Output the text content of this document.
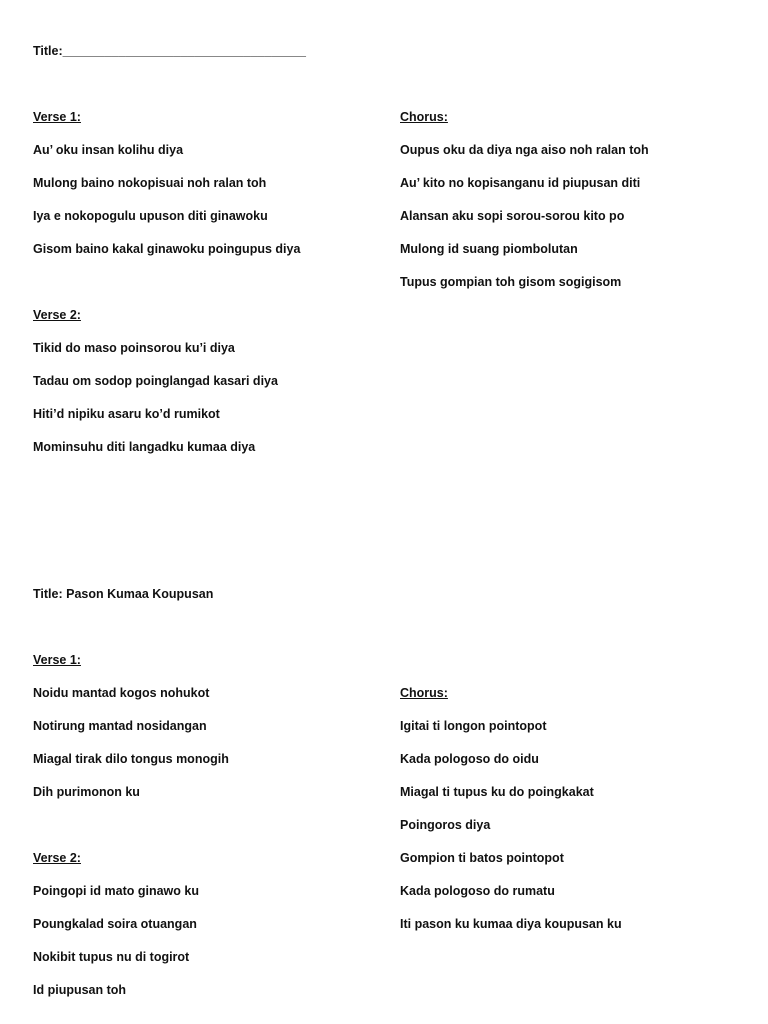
Title:___________________________________
Verse 1:
Au’ oku insan kolihu diya
Mulong baino nokopisuai noh ralan toh
Iya e nokopogulu upuson diti ginawoku
Gisom baino kakal ginawoku poingupus diya
Chorus:
Oupus oku da diya nga aiso noh ralan toh
Au’ kito no kopisanganu id piupusan diti
Alansan aku sopi sorou-sorou kito po
Mulong id suang piombolutan
Tupus gompian toh gisom sogigisom
Verse 2:
Tikid do maso poinsorou ku’i diya
Tadau om sodop poinglangad kasari diya
Hiti’d nipiku asaru ko’d rumikot
Mominsuhu diti langadku kumaa diya
Title: Pason Kumaa Koupusan
Verse 1:
Noidu mantad kogos nohukot
Notirung mantad nosidangan
Miagal tirak dilo tongus monogih
Dih purimonon ku
Chorus:
Igitai ti longon pointopot
Kada pologoso do oidu
Miagal ti tupus ku do poingkakat
Poingoros diya
Gompion ti batos pointopot
Kada pologoso do rumatu
Iti pason ku kumaa diya koupusan ku
Verse 2:
Poingopi id mato ginawo ku
Poungkalad soira otuangan
Nokibit tupus nu di togirot
Id piupusan toh
